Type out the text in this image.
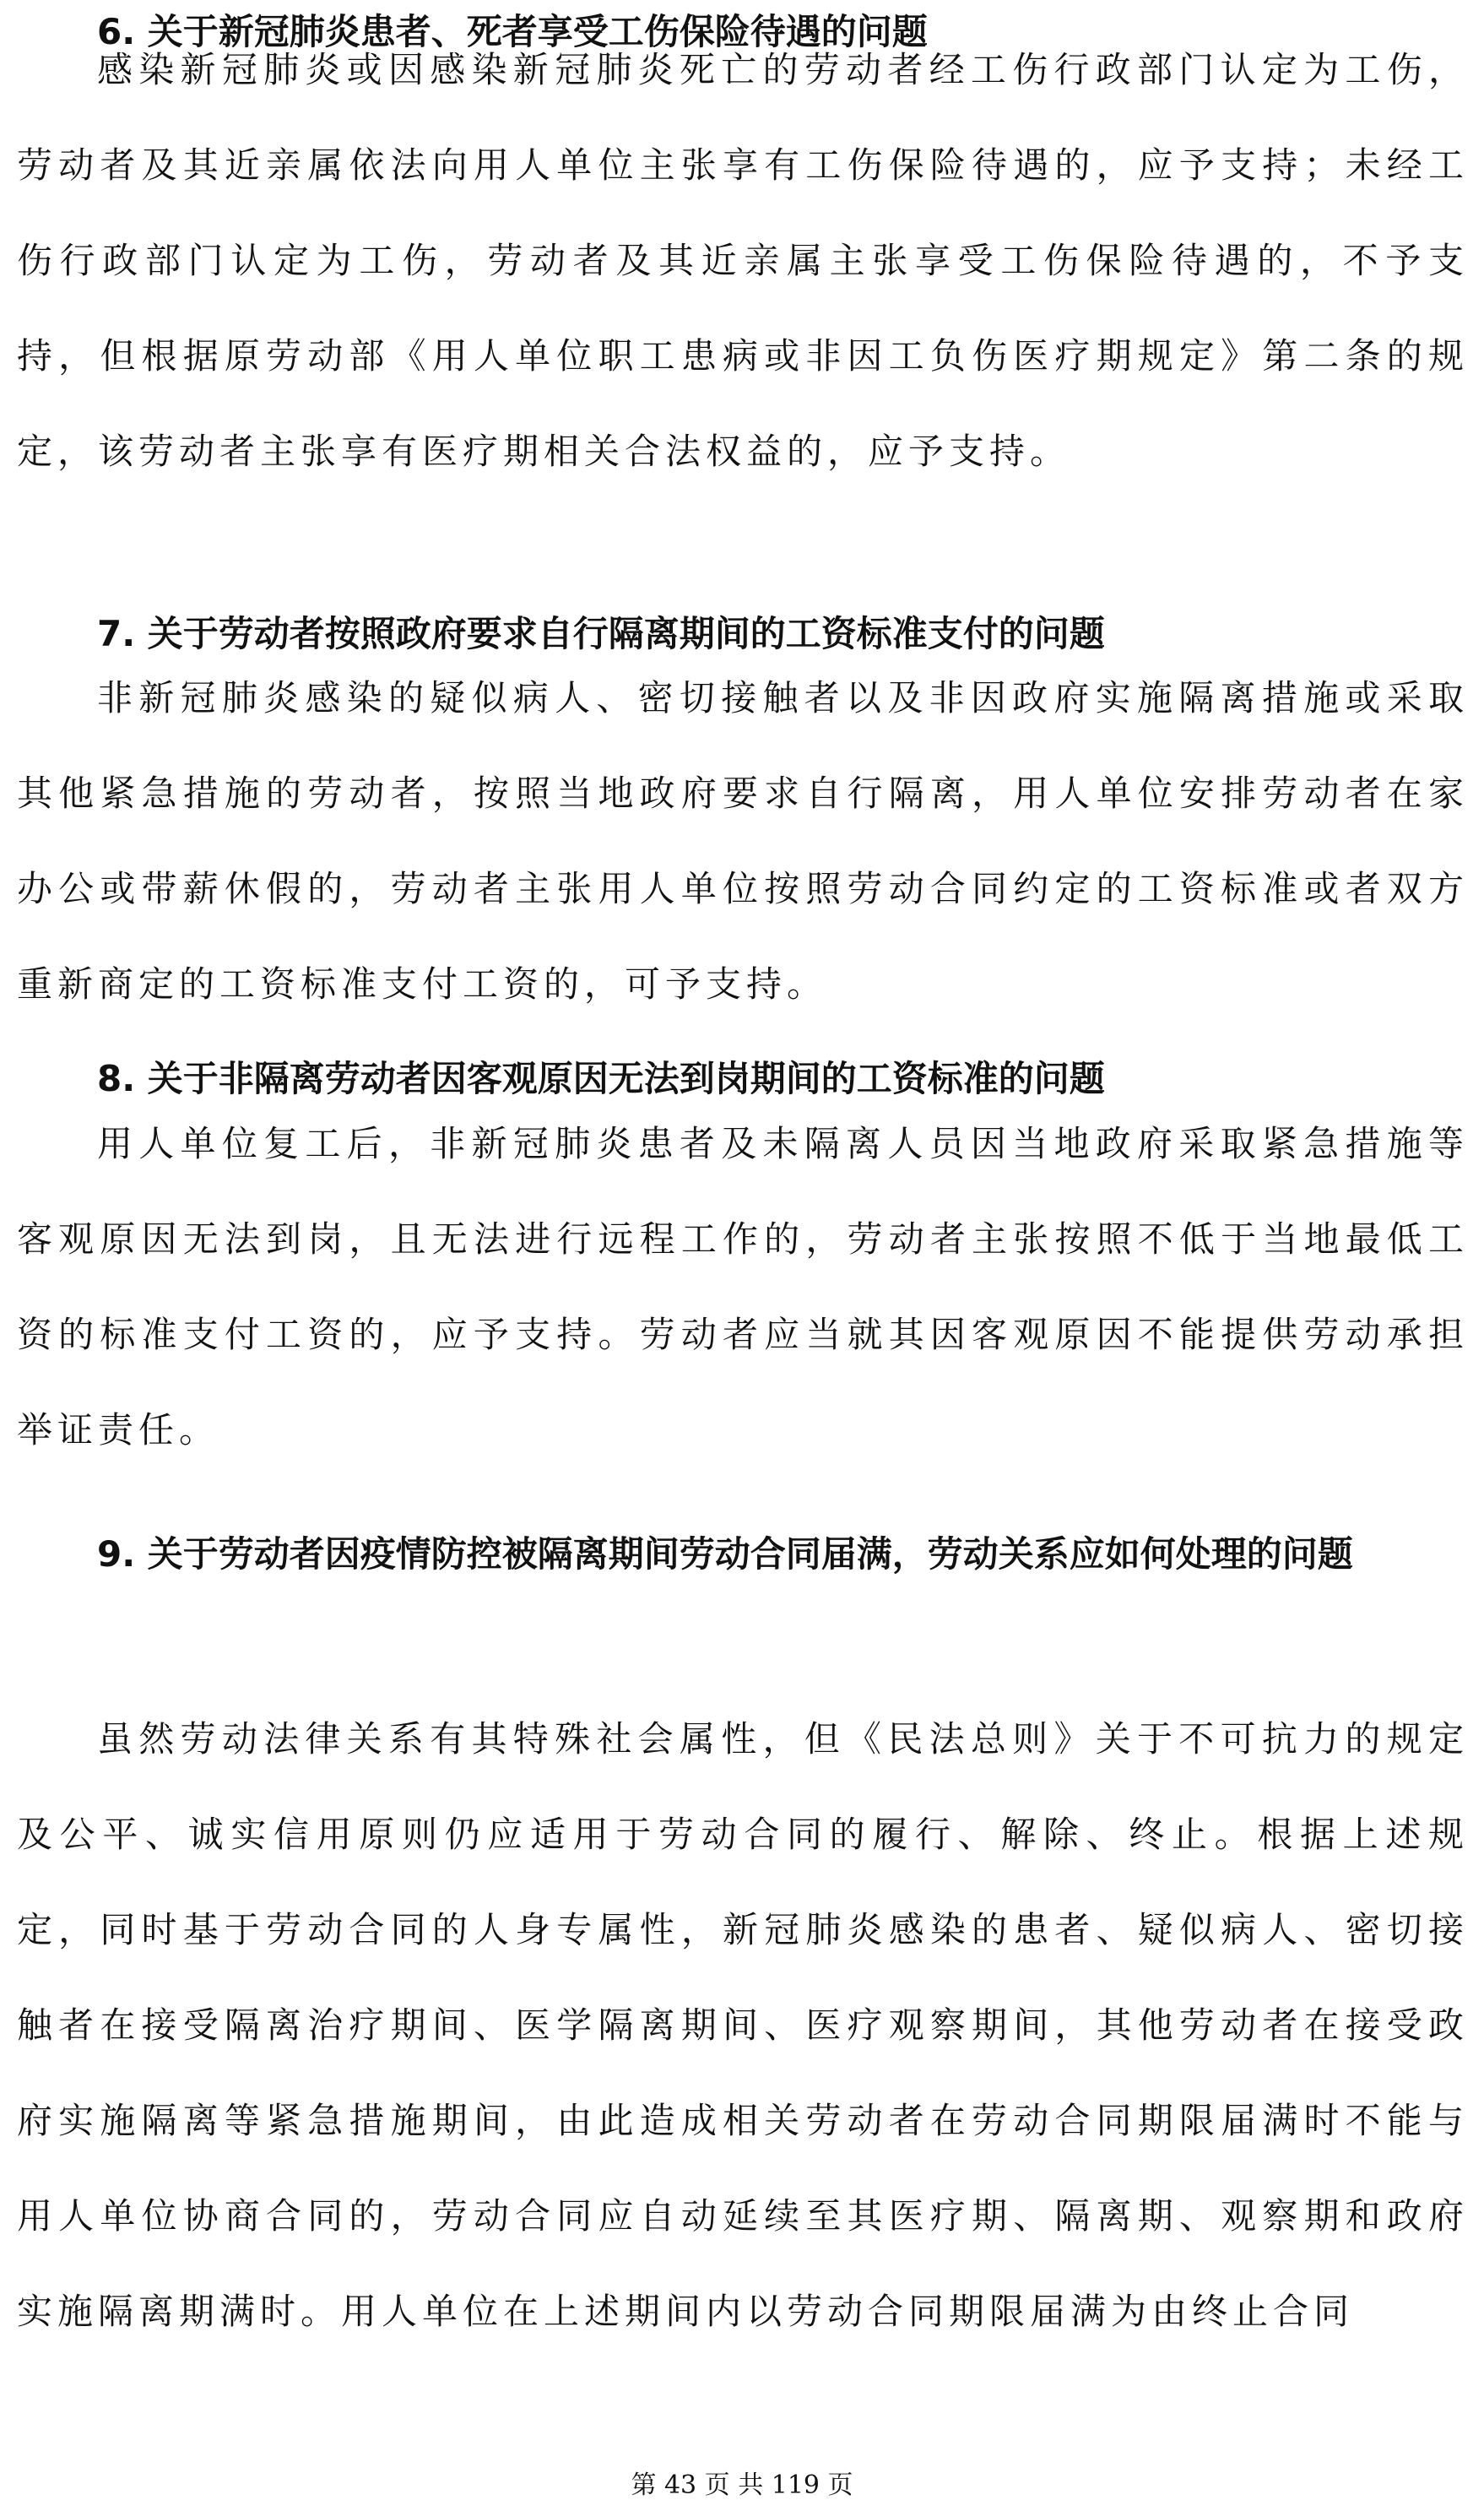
6. 关于新冠肺炎患者、死者享受工伤保险待遇的问题

感染新冠肺炎或因感染新冠肺炎死亡的劳动者经工伤行政部门认定为工伤，劳动者及其近亲属依法向用人单位主张享有工伤保险待遇的，应予支持；未经工伤行政部门认定为工伤，劳动者及其近亲属主张享受工伤保险待遇的，不予支持，但根据原劳动部《用人单位职工患病或非因工负伤医疗期规定》第二条的规定，该劳动者主张享有医疗期相关合法权益的，应予支持。

7. 关于劳动者按照政府要求自行隔离期间的工资标准支付的问题

非新冠肺炎感染的疑似病人、密切接触者以及非因政府实施隔离措施或采取其他紧急措施的劳动者，按照当地政府要求自行隔离，用人单位安排劳动者在家办公或带薪休假的，劳动者主张用人单位按照劳动合同约定的工资标准或者双方重新商定的工资标准支付工资的，可予支持。

8. 关于非隔离劳动者因客观原因无法到岗期间的工资标准的问题

用人单位复工后，非新冠肺炎患者及未隔离人员因当地政府采取紧急措施等客观原因无法到岗，且无法进行远程工作的，劳动者主张按照不低于当地最低工资的标准支付工资的，应予支持。劳动者应当就其因客观原因不能提供劳动承担举证责任。

9. 关于劳动者因疫情防控被隔离期间劳动合同届满，劳动关系应如何处理的问题

虽然劳动法律关系有其特殊社会属性，但《民法总则》关于不可抗力的规定及公平、诚实信用原则仍应适用于劳动合同的履行、解除、终止。根据上述规定，同时基于劳动合同的人身专属性，新冠肺炎感染的患者、疑似病人、密切接触者在接受隔离治疗期间、医学隔离期间、医疗观察期间，其他劳动者在接受政府实施隔离等紧急措施期间，由此造成相关劳动者在劳动合同期限届满时不能与用人单位协商合同的，劳动合同应自动延续至其医疗期、隔离期、观察期和政府实施隔离期满时。用人单位在上述期间内以劳动合同期限届满为由终止合同

第 43 页 共 119 页
